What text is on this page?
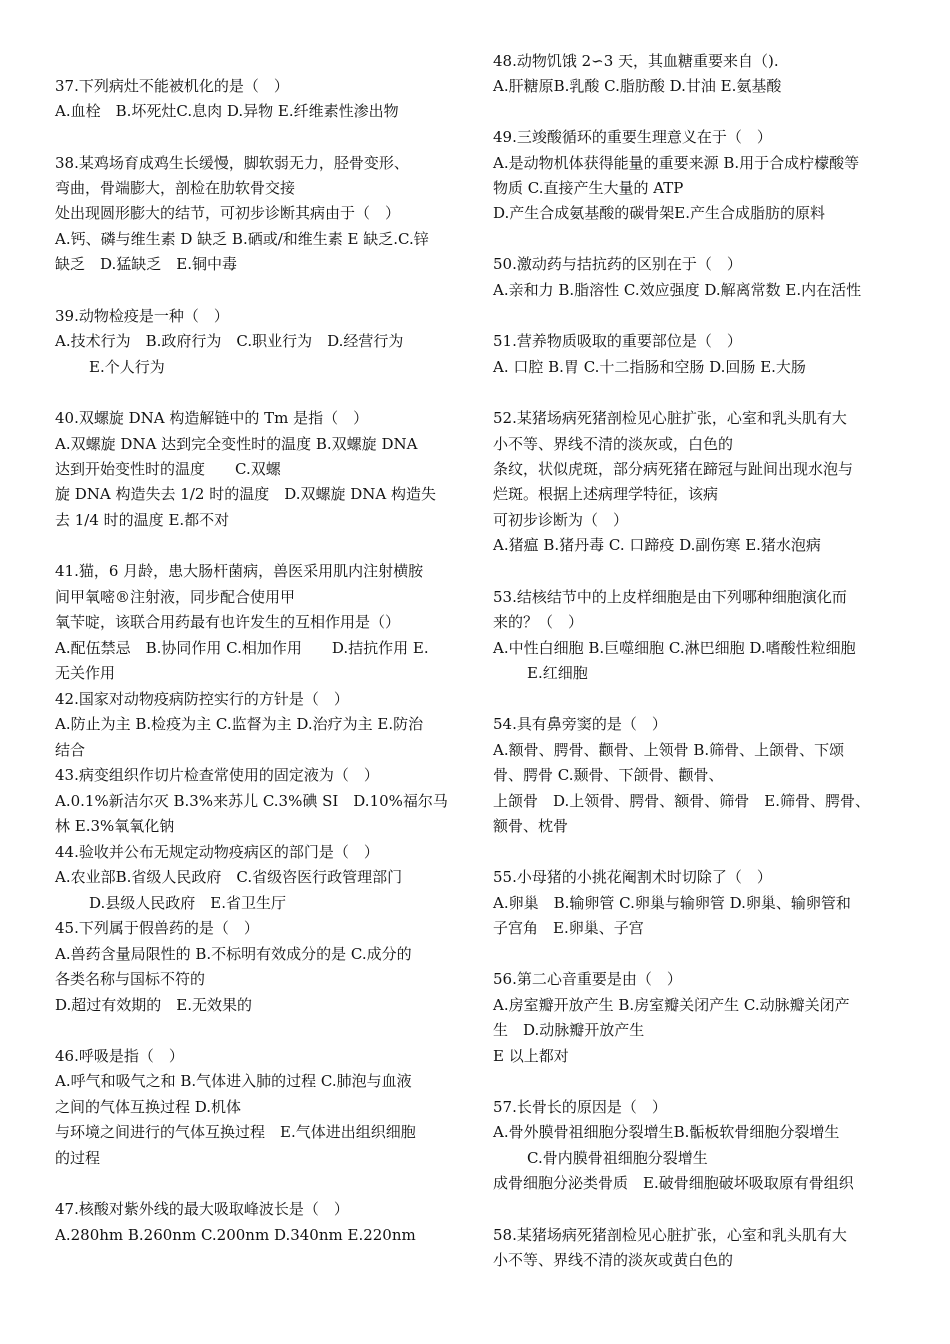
37.下列病灶不能被机化的是（　）
A.血栓　B.坏死灶C.息肉 D.异物 E.纤维素性渗出物
38.某鸡场育成鸡生长缓慢，脚软弱无力，胫骨变形、
弯曲，骨端膨大，剖检在肋软骨交接
处出现圆形膨大的结节，可初步诊断其病由于（　）
A.钙、磷与维生素 D 缺乏 B.硒或/和维生素 E 缺乏.C.锌
缺乏　D.猛缺乏　E.铜中毒
39.动物检疫是一种（　）
A.技术行为　B.政府行为　C.职业行为　D.经营行为
E.个人行为
40.双螺旋 DNA 构造解链中的 Tm 是指（　）
A.双螺旋 DNA 达到完全变性时的温度 B.双螺旋 DNA
达到开始变性时的温度　　C.双螺
旋 DNA 构造失去 1/2 时的温度　D.双螺旋 DNA 构造失
去 1/4 时的温度 E.都不对
41.猫，6 月龄，患大肠杆菌病，兽医采用肌内注射横胺
间甲氧嘧®注射液，同步配合使用甲
氧苄啶，该联合用药最有也许发生的互相作用是（）
A.配伍禁忌　B.协同作用 C.相加作用　　D.拮抗作用 E.
无关作用
42.国家对动物疫病防控实行的方针是（　）
A.防止为主 B.检疫为主 C.监督为主 D.治疗为主 E.防治
结合
43.病变组织作切片检查常使用的固定液为（　）
A.0.1%新洁尔灭 B.3%来苏儿 C.3%碘 SI　D.10%福尔马
林 E.3%氧氧化钠
44.验收并公布无规定动物疫病区的部门是（　）
A.农业部B.省级人民政府　C.省级咨医行政管理部门
D.县级人民政府　E.省卫生厅
45.下列属于假兽药的是（　）
A.兽药含量局限性的 B.不标明有效成分的是 C.成分的
各类名称与国标不符的
D.超过有效期的　E.无效果的
46.呼吸是指（　）
A.呼气和吸气之和 B.气体进入肺的过程 C.肺泡与血液
之间的气体互换过程 D.机体
与环境之间进行的气体互换过程　E.气体进出组织细胞
的过程
47.核酸对紫外线的最大吸取峰波长是（　）
A.280hm B.260nm C.200nm D.340nm E.220nm
48.动物饥饿 2∽3 天，其血糖重要来自（).
A.肝糖原B.乳酸 C.脂肪酸 D.甘油 E.氨基酸
49.三竣酸循环的重要生理意义在于（　）
A.是动物机体获得能量的重要来源 B.用于合成柠檬酸等
物质 C.直接产生大量的 ATP
D.产生合成氨基酸的碳骨架E.产生合成脂肪的原料
50.激动药与拮抗药的区别在于（　）
A.亲和力 B.脂溶性 C.效应强度 D.解离常数 E.内在活性
51.营养物质吸取的重要部位是（　）
A. 口腔 B.胃 C.十二指肠和空肠 D.回肠 E.大肠
52.某猪场病死猪剖检见心脏扩张，心室和乳头肌有大
小不等、界线不清的淡灰或，白色的
条纹，状似虎斑，部分病死猪在蹄冠与趾间出现水泡与
烂斑。根据上述病理学特征，该病
可初步诊断为（　）
A.猪瘟 B.猪丹毒 C. 口蹄疫 D.副伤寒 E.猪水泡病
53.结核结节中的上皮样细胞是由下列哪种细胞演化而
来的？（　）
A.中性白细胞 B.巨噬细胞 C.淋巴细胞 D.嗜酸性粒细胞
E.红细胞
54.具有鼻旁窦的是（　）
A.额骨、腭骨、颧骨、上领骨 B.筛骨、上颌骨、下颂
骨、腭骨 C.颞骨、下颌骨、颧骨、
上颌骨　D.上领骨、腭骨、额骨、筛骨　E.筛骨、腭骨、
额骨、枕骨
55.小母猪的小挑花阉割术时切除了（　）
A.卵巢　B.输卵管 C.卵巢与输卵管 D.卵巢、输卵管和
子宫角　E.卵巢、子宫
56.第二心音重要是由（　）
A.房室瓣开放产生 B.房室瓣关闭产生 C.动脉瓣关闭产
生　D.动脉瓣开放产生
E 以上都对
57.长骨长的原因是（　）
A.骨外膜骨祖细胞分裂增生B.骺板软骨细胞分裂增生
C.骨内膜骨祖细胞分裂增生
成骨细胞分泌类骨质　E.破骨细胞破坏吸取原有骨组织
58.某猪场病死猪剖检见心脏扩张，心室和乳头肌有大
小不等、界线不清的淡灰或黄白色的
